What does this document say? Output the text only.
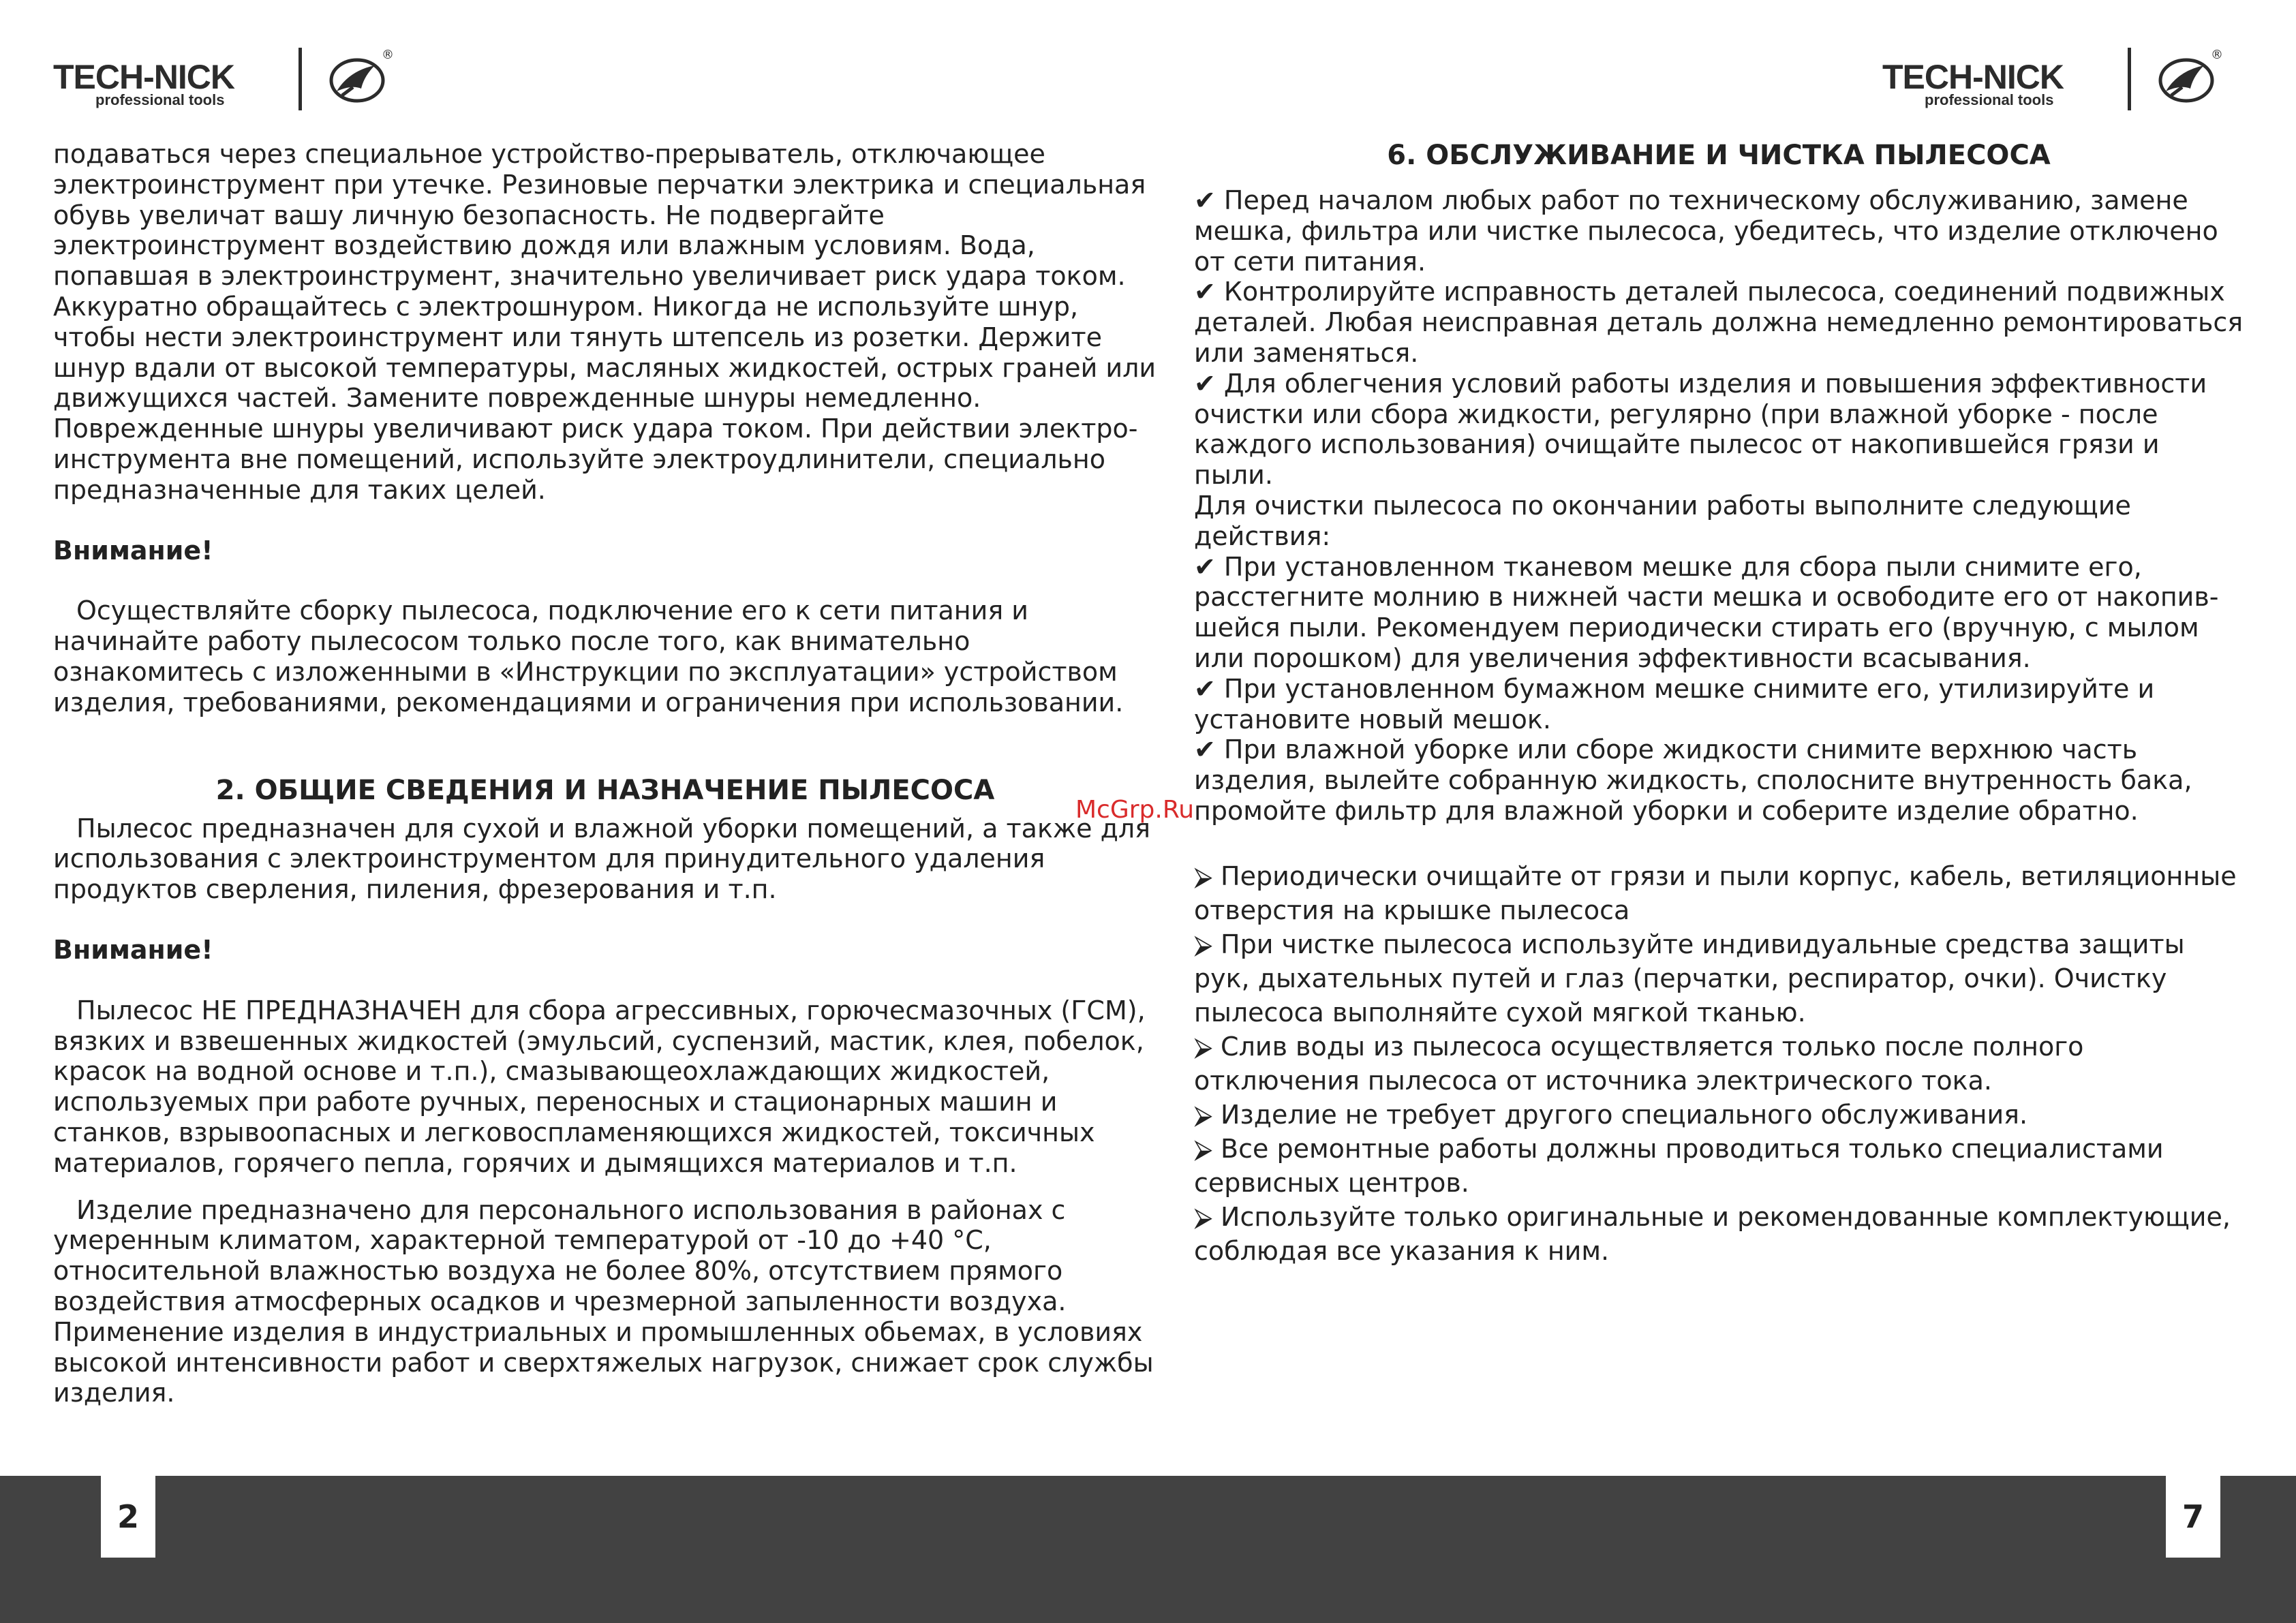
TECH-NICK
professional tools
®
TECH-NICK
professional tools
®

подаваться через специальное устройство-прерыватель, отключающее электроинструмент при утечке. Резиновые перчатки электрика и специальная обувь увеличат вашу личную безопасность. Не подвергайте электроинструмент воздействию дождя или влажным условиям. Вода, попавшая в электроинструмент, значительно увеличивает риск удара током. Аккуратно обращайтесь с электрошнуром. Никогда не используйте шнур, чтобы нести электроинструмент или тянуть штепсель из розетки. Держите шнур вдали от высокой температуры, масляных жидкостей, острых граней или движущихся частей. Замените поврежденные шнуры немедленно. Поврежденные шнуры увеличивают риск удара током. При действии электро-инструмента вне помещений, используйте электроудлинители, специально предназначенные для таких целей.

Внимание!

Осуществляйте сборку пылесоса, подключение его к сети питания и начинайте работу пылесосом только после того, как внимательно ознакомитесь с изложенными в «Инструкции по эксплуатации» устройством изделия, требованиями, рекомендациями и ограничения при использовании.

2. ОБЩИЕ СВЕДЕНИЯ И НАЗНАЧЕНИЕ ПЫЛЕСОСА

Пылесос предназначен для сухой и влажной уборки помещений, а также для использования с электроинструментом для принудительного удаления продуктов сверления, пиления, фрезерования и т.п.

Внимание!

Пылесос НЕ ПРЕДНАЗНАЧЕН для сбора агрессивных, горючесмазочных (ГСМ), вязких и взвешенных жидкостей (эмульсий, суспензий, мастик, клея, побелок, красок на водной основе и т.п.), смазывающеохлаждающих жидкостей, используемых при работе ручных, переносных и стационарных машин и станков, взрывоопасных и легковоспламеняющихся жидкостей, токсичных материалов, горячего пепла, горячих и дымящихся материалов и т.п.

Изделие предназначено для персонального использования в районах с умеренным климатом, характерной температурой от -10 до +40 °С, относительной влажностью воздуха не более 80%, отсутствием прямого воздействия атмосферных осадков и чрезмерной запыленности воздуха. Применение изделия в индустриальных и промышленных обьемах, в условиях высокой интенсивности работ и сверхтяжелых нагрузок, снижает срок службы изделия.

6. ОБСЛУЖИВАНИЕ И ЧИСТКА ПЫЛЕСОСА

✔ Перед началом любых работ по техническому обслуживанию, замене мешка, фильтра или чистке пылесоса, убедитесь, что изделие отключено от сети питания.

✔ Контролируйте исправность деталей пылесоса, соединений подвижных деталей. Любая неисправная деталь должна немедленно ремонтироваться или заменяться.

✔ Для облегчения условий работы изделия и повышения эффективности очистки или сбора жидкости, регулярно (при влажной уборке - после каждого использования) очищайте пылесос от накопившейся грязи и пыли.

Для очистки пылесоса по окончании работы выполните следующие действия:

✔ При установленном тканевом мешке для сбора пыли снимите его, расстегните молнию в нижней части мешка и освободите его от накопив-шейся пыли. Рекомендуем периодически стирать его (вручную, с мылом или порошком) для увеличения эффективности всасывания.

✔ При установленном бумажном мешке снимите его, утилизируйте и установите новый мешок.

✔ При влажной уборке или сборе жидкости снимите верхнюю часть изделия, вылейте собранную жидкость, сполосните внутренность бака, промойте фильтр для влажной уборки и соберите изделие обратно.

⮚ Периодически очищайте от грязи и пыли корпус, кабель, ветиляционные отверстия на крышке пылесоса

⮚ При чистке пылесоса используйте индивидуальные средства защиты рук, дыхательных путей и глаз (перчатки, респиратор, очки). Очистку пылесоса выполняйте сухой мягкой тканью.

⮚ Слив воды из пылесоса осуществляется только после полного отключения пылесоса от источника электрического тока.

⮚ Изделие не требует другого специального обслуживания.

⮚ Все ремонтные работы должны проводиться только специалистами сервисных центров.

⮚ Используйте только оригинальные и рекомендованные комплектующие, соблюдая все указания к ним.

McGrp.Ru
2	7
